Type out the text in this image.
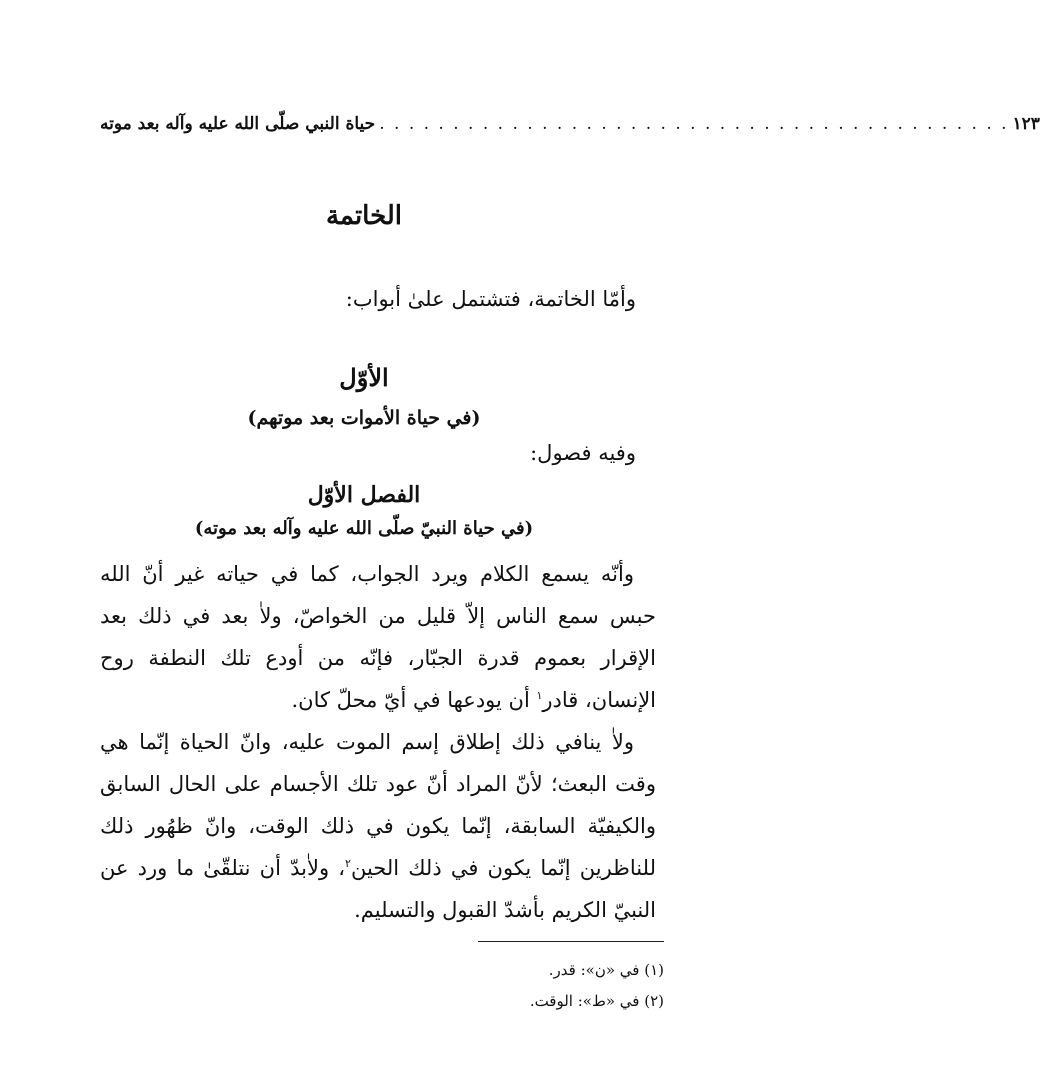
حياة النبي صلّى الله عليه وآله بعد موته . . . . . . . . . . . . . . . . . . . . . . . . . . . . . . . . . . . . . . . . . . . ١٢٣
الخاتمة
وأمّا الخاتمة، فتشتمل علىٰ أبواب:
الأوّل
(في حياة الأموات بعد موتهم)
وفيه فصول:
الفصل الأوّل
(في حياة النبيّ صلّى الله عليه وآله بعد موته)

وأنّه يسمع الكلام ويرد الجواب، كما في حياته غير أنّ الله حبس سمع الناس إلاّ قليل من الخواصّ، ولاٰ بعد في ذلك بعد الإقرار بعموم قدرة الجبّار، فإنّه من أودع تلك النطفة روح الإنسان، قادر$^١$ أن يودعها في أيّ محلّ كان.

ولاٰ ينافي ذلك إطلاق إسم الموت عليه، وانّ الحياة إنّما هي وقت البعث؛ لأنّ المراد أنّ عود تلك الأجسام على الحال السابق والكيفيّة السابقة، إنّما يكون في ذلك الوقت، وانّ ظهُور ذلك للناظرين إنّما يكون في ذلك الحين$^٢$، ولاٰبدّ أن نتلقّىٰ ما ورد عن النبيّ الكريم بأشدّ القبول والتسليم.

(١) في «ن»: قدر.
(٢) في «ط»: الوقت.
